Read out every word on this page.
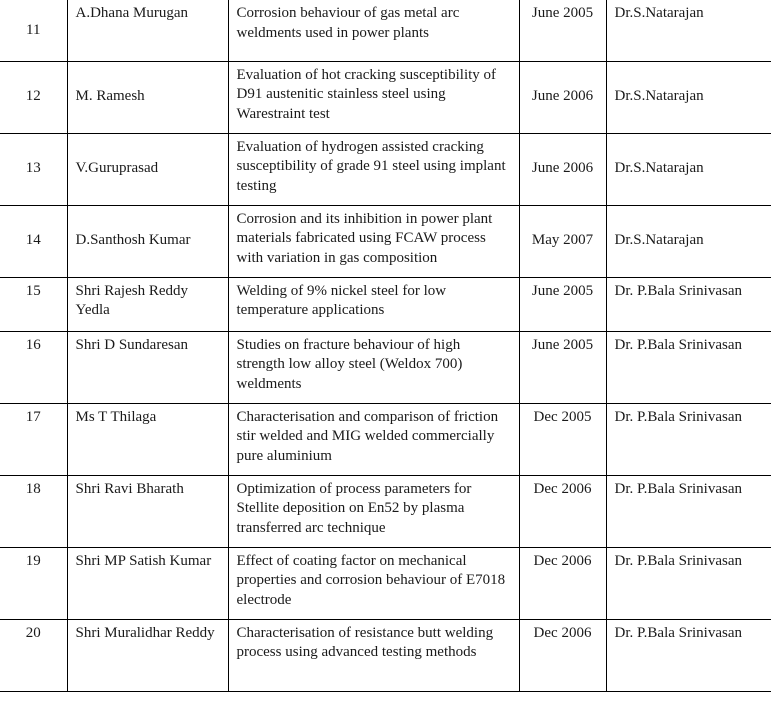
11	A.Dhana Murugan	Corrosion behaviour of gas metal arc weldments used in power plants	June 2005	Dr.S.Natarajan
12	M. Ramesh	Evaluation of hot cracking susceptibility of D91 austenitic stainless steel using Warestraint test	June 2006	Dr.S.Natarajan
13	V.Guruprasad	Evaluation of hydrogen assisted cracking susceptibility of grade 91 steel using implant testing	June 2006	Dr.S.Natarajan
14	D.Santhosh Kumar	Corrosion and its inhibition in power plant materials fabricated using FCAW process with variation in gas composition	May 2007	Dr.S.Natarajan
15	Shri Rajesh Reddy Yedla	Welding of 9% nickel steel for low temperature applications	June 2005	Dr. P.Bala Srinivasan
16	Shri D Sundaresan	Studies on fracture behaviour of high strength low alloy steel (Weldox 700) weldments	June 2005	Dr. P.Bala Srinivasan
17	Ms T Thilaga	Characterisation and comparison of friction stir welded and MIG welded commercially pure aluminium	Dec 2005	Dr. P.Bala Srinivasan
18	Shri Ravi Bharath	Optimization of process parameters for Stellite deposition on En52 by plasma transferred arc technique	Dec 2006	Dr. P.Bala Srinivasan
19	Shri MP Satish Kumar	Effect of coating factor on mechanical properties and corrosion behaviour of E7018 electrode	Dec 2006	Dr. P.Bala Srinivasan
20	Shri Muralidhar Reddy	Characterisation of resistance butt welding process using advanced testing methods	Dec 2006	Dr. P.Bala Srinivasan
